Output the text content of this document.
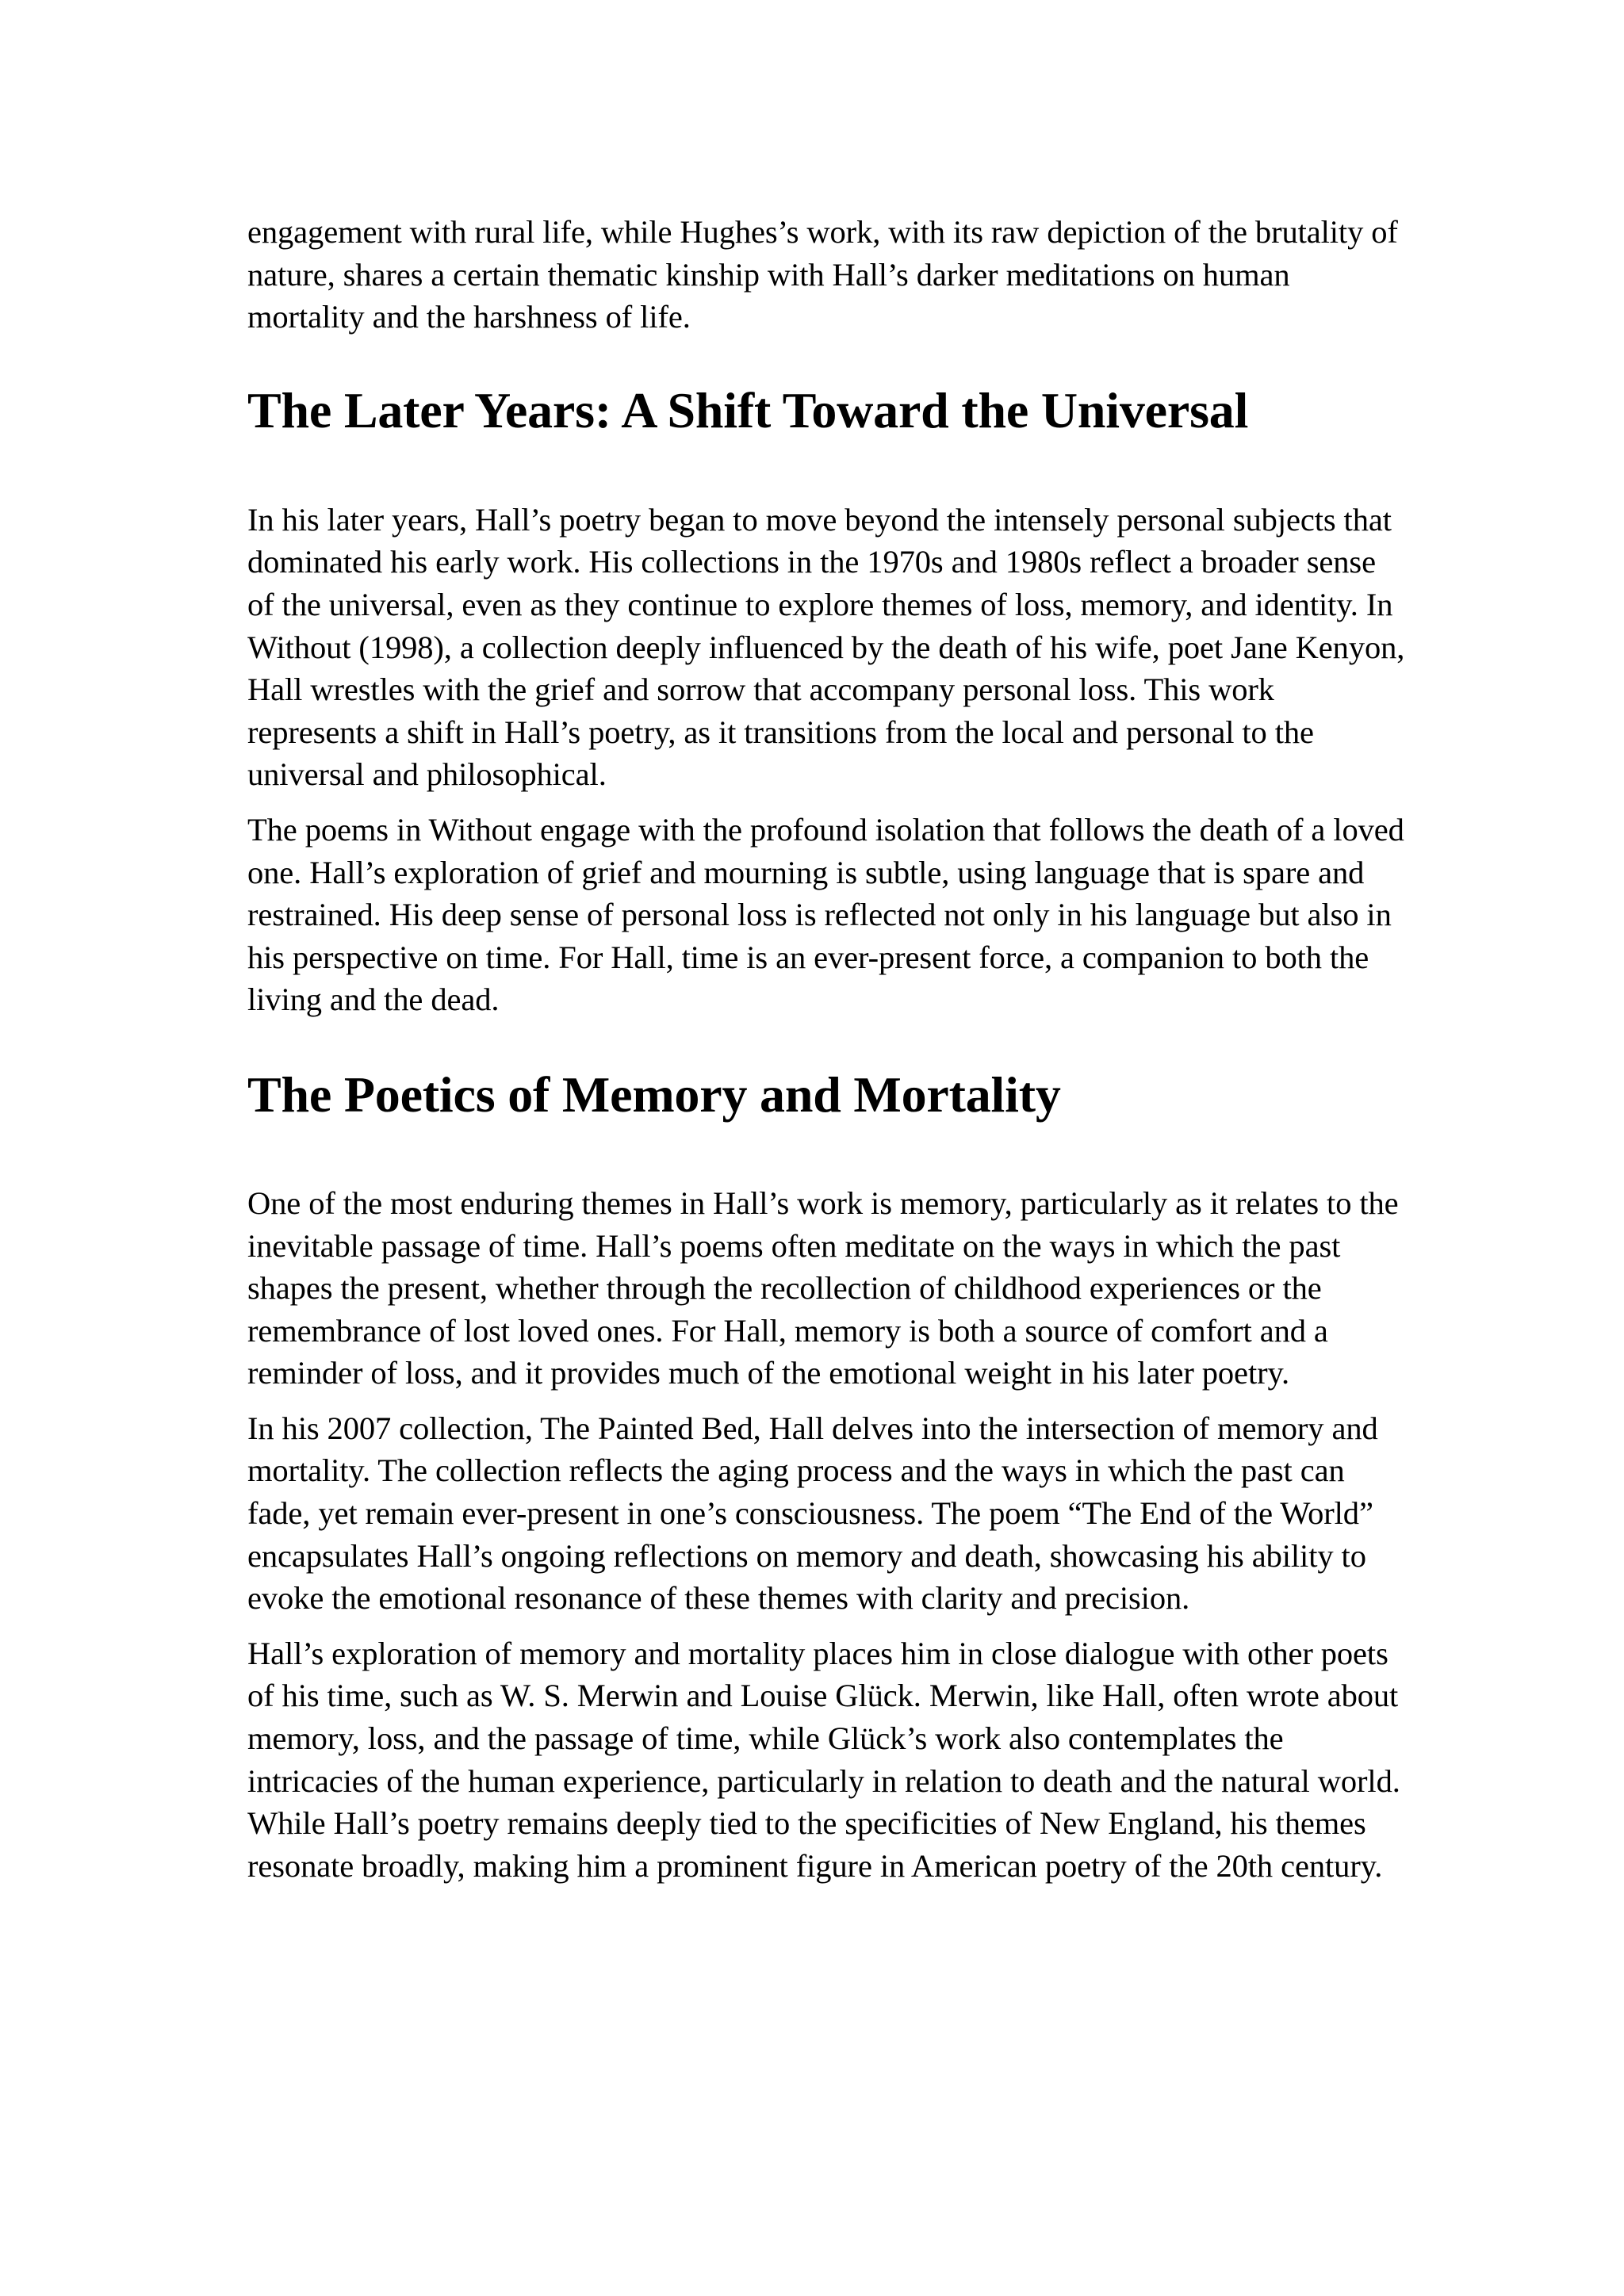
engagement with rural life, while Hughes’s work, with its raw depiction of the brutality of nature, shares a certain thematic kinship with Hall’s darker meditations on human mortality and the harshness of life.

The Later Years: A Shift Toward the Universal

In his later years, Hall’s poetry began to move beyond the intensely personal subjects that dominated his early work. His collections in the 1970s and 1980s reflect a broader sense of the universal, even as they continue to explore themes of loss, memory, and identity. In Without (1998), a collection deeply influenced by the death of his wife, poet Jane Kenyon, Hall wrestles with the grief and sorrow that accompany personal loss. This work represents a shift in Hall’s poetry, as it transitions from the local and personal to the universal and philosophical.

The poems in Without engage with the profound isolation that follows the death of a loved one. Hall’s exploration of grief and mourning is subtle, using language that is spare and restrained. His deep sense of personal loss is reflected not only in his language but also in his perspective on time. For Hall, time is an ever-present force, a companion to both the living and the dead.

The Poetics of Memory and Mortality

One of the most enduring themes in Hall’s work is memory, particularly as it relates to the inevitable passage of time. Hall’s poems often meditate on the ways in which the past shapes the present, whether through the recollection of childhood experiences or the remembrance of lost loved ones. For Hall, memory is both a source of comfort and a reminder of loss, and it provides much of the emotional weight in his later poetry.

In his 2007 collection, The Painted Bed, Hall delves into the intersection of memory and mortality. The collection reflects the aging process and the ways in which the past can fade, yet remain ever-present in one’s consciousness. The poem “The End of the World” encapsulates Hall’s ongoing reflections on memory and death, showcasing his ability to evoke the emotional resonance of these themes with clarity and precision.

Hall’s exploration of memory and mortality places him in close dialogue with other poets of his time, such as W. S. Merwin and Louise Glück. Merwin, like Hall, often wrote about memory, loss, and the passage of time, while Glück’s work also contemplates the intricacies of the human experience, particularly in relation to death and the natural world. While Hall’s poetry remains deeply tied to the specificities of New England, his themes resonate broadly, making him a prominent figure in American poetry of the 20th century.
